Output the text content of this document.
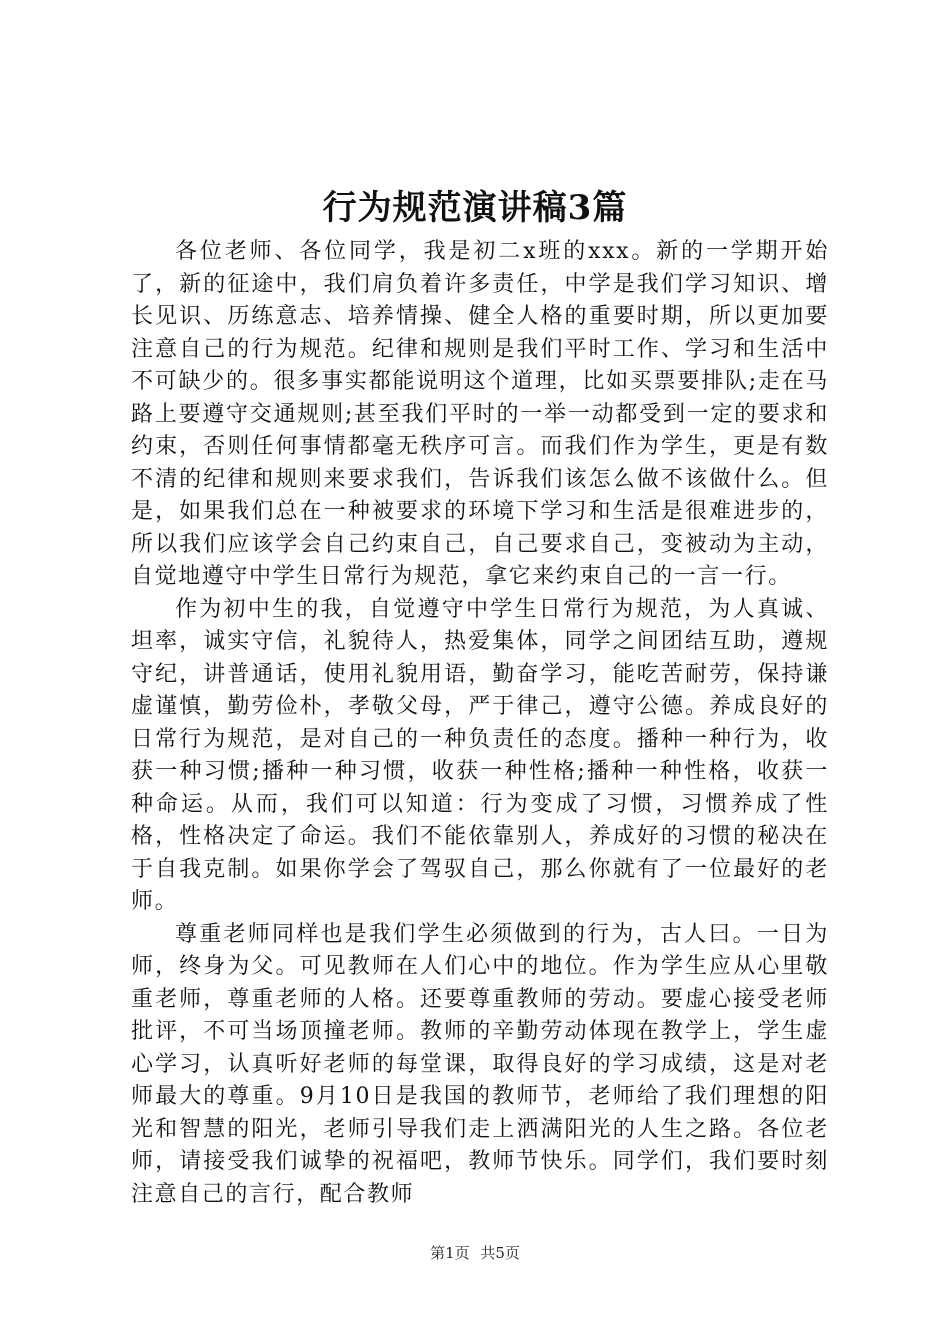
行为规范演讲稿3篇

各位老师、各位同学，我是初二x班的xxx。新的一学期开始了，新的征途中，我们肩负着许多责任，中学是我们学习知识、增长见识、历练意志、培养情操、健全人格的重要时期，所以更加要注意自己的行为规范。纪律和规则是我们平时工作、学习和生活中不可缺少的。很多事实都能说明这个道理，比如买票要排队;走在马路上要遵守交通规则;甚至我们平时的一举一动都受到一定的要求和约束，否则任何事情都毫无秩序可言。而我们作为学生，更是有数不清的纪律和规则来要求我们，告诉我们该怎么做不该做什么。但是，如果我们总在一种被要求的环境下学习和生活是很难进步的，所以我们应该学会自己约束自己，自己要求自己，变被动为主动，自觉地遵守中学生日常行为规范，拿它来约束自己的一言一行。

作为初中生的我，自觉遵守中学生日常行为规范，为人真诚、坦率，诚实守信，礼貌待人，热爱集体，同学之间团结互助，遵规守纪，讲普通话，使用礼貌用语，勤奋学习，能吃苦耐劳，保持谦虚谨慎，勤劳俭朴，孝敬父母，严于律己，遵守公德。养成良好的日常行为规范，是对自己的一种负责任的态度。播种一种行为，收获一种习惯;播种一种习惯，收获一种性格;播种一种性格，收获一种命运。从而，我们可以知道：行为变成了习惯，习惯养成了性格，性格决定了命运。我们不能依靠别人，养成好的习惯的秘决在于自我克制。如果你学会了驾驭自己，那么你就有了一位最好的老师。

尊重老师同样也是我们学生必须做到的行为，古人曰。一日为师，终身为父。可见教师在人们心中的地位。作为学生应从心里敬重老师，尊重老师的人格。还要尊重教师的劳动。要虚心接受老师批评，不可当场顶撞老师。教师的辛勤劳动体现在教学上，学生虚心学习，认真听好老师的每堂课，取得良好的学习成绩，这是对老师最大的尊重。9月10日是我国的教师节，老师给了我们理想的阳光和智慧的阳光，老师引导我们走上洒满阳光的人生之路。各位老师，请接受我们诚挚的祝福吧，教师节快乐。同学们，我们要时刻注意自己的言行，配合教师

第1页 共5页
